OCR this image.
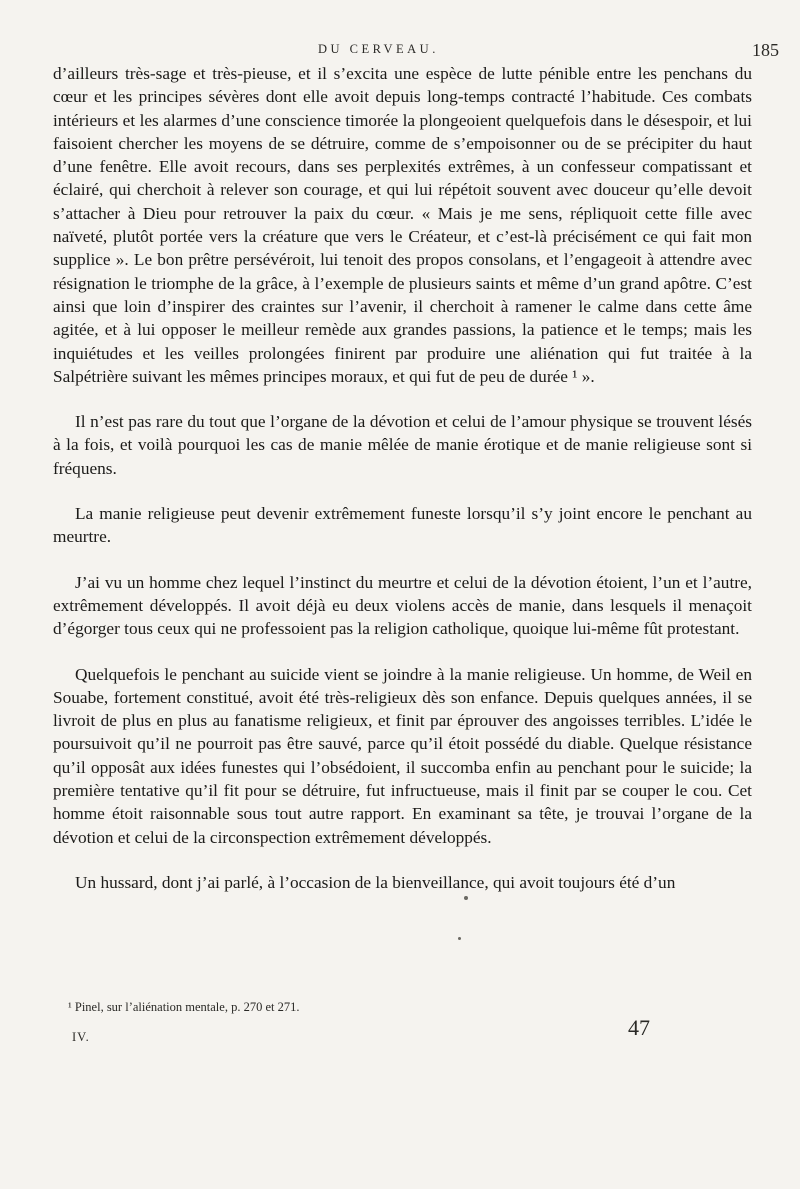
DU CERVEAU.	185

d’ailleurs très-sage et très-pieuse, et il s’excita une espèce de lutte pénible entre les penchans du cœur et les principes sévères dont elle avoit depuis long-temps contracté l’habitude. Ces combats intérieurs et les alarmes d’une conscience timorée la plongeoient quelquefois dans le désespoir, et lui faisoient chercher les moyens de se détruire, comme de s’empoisonner ou de se précipiter du haut d’une fenêtre. Elle avoit recours, dans ses perplexités extrêmes, à un confesseur compatissant et éclairé, qui cherchoit à relever son courage, et qui lui répétoit souvent avec douceur qu’elle devoit s’attacher à Dieu pour retrouver la paix du cœur. « Mais je me sens, répliquoit cette fille avec naïveté, plutôt portée vers la créature que vers le Créateur, et c’est-là précisément ce qui fait mon supplice ». Le bon prêtre persévéroit, lui tenoit des propos consolans, et l’engageoit à attendre avec résignation le triomphe de la grâce, à l’exemple de plusieurs saints et même d’un grand apôtre. C’est ainsi que loin d’inspirer des craintes sur l’avenir, il cherchoit à ramener le calme dans cette âme agitée, et à lui opposer le meilleur remède aux grandes passions, la patience et le temps; mais les inquiétudes et les veilles prolongées finirent par produire une aliénation qui fut traitée à la Salpétrière suivant les mêmes principes moraux, et qui fut de peu de durée ¹ ».

Il n’est pas rare du tout que l’organe de la dévotion et celui de l’amour physique se trouvent lésés à la fois, et voilà pourquoi les cas de manie mêlée de manie érotique et de manie religieuse sont si fréquens.

La manie religieuse peut devenir extrêmement funeste lorsqu’il s’y joint encore le penchant au meurtre.

J’ai vu un homme chez lequel l’instinct du meurtre et celui de la dévotion étoient, l’un et l’autre, extrêmement développés. Il avoit déjà eu deux violens accès de manie, dans lesquels il menaçoit d’égorger tous ceux qui ne professoient pas la religion catholique, quoique lui-même fût protestant.

Quelquefois le penchant au suicide vient se joindre à la manie religieuse. Un homme, de Weil en Souabe, fortement constitué, avoit été très-religieux dès son enfance. Depuis quelques années, il se livroit de plus en plus au fanatisme religieux, et finit par éprouver des angoisses terribles. L’idée le poursuivoit qu’il ne pourroit pas être sauvé, parce qu’il étoit possédé du diable. Quelque résistance qu’il opposât aux idées funestes qui l’obsédoient, il succomba enfin au penchant pour le suicide; la première tentative qu’il fit pour se détruire, fut infructueuse, mais il finit par se couper le cou. Cet homme étoit raisonnable sous tout autre rapport. En examinant sa tête, je trouvai l’organe de la dévotion et celui de la circonspection extrêmement développés.

Un hussard, dont j’ai parlé, à l’occasion de la bienveillance, qui avoit toujours été d’un

¹ Pinel, sur l’aliénation mentale, p. 270 et 271.
IV.	47
